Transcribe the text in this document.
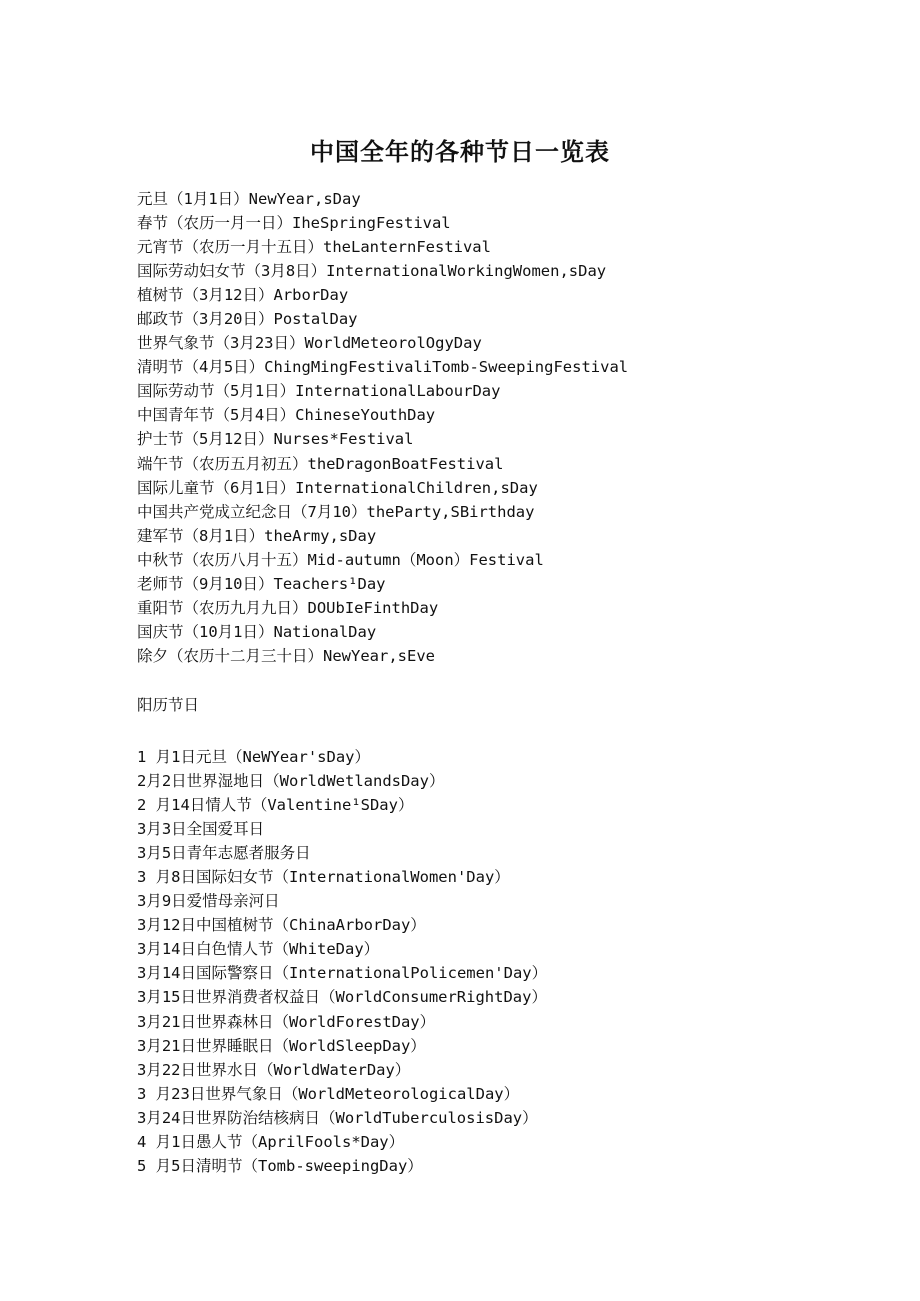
中国全年的各种节日一览表
元旦（1月1日）NewYear,sDay
春节（农历一月一日）IheSpringFestival
元宵节（农历一月十五日）theLanternFestival
国际劳动妇女节（3月8日）InternationalWorkingWomen,sDay
植树节（3月12日）ArborDay
邮政节（3月20日）PostalDay
世界气象节（3月23日）WorldMeteorolOgyDay
清明节（4月5日）ChingMingFestivaliTomb-SweepingFestival
国际劳动节（5月1日）InternationalLabourDay
中国青年节（5月4日）ChineseYouthDay
护士节（5月12日）Nurses*Festival
端午节（农历五月初五）theDragonBoatFestival
国际儿童节（6月1日）InternationalChildren,sDay
中国共产党成立纪念日（7月10）theParty,SBirthday
建军节（8月1日）theArmy,sDay
中秋节（农历八月十五）Mid-autumn（Moon）Festival
老师节（9月10日）Teachers¹Day
重阳节（农历九月九日）DOUbIeFinthDay
国庆节（10月1日）NationalDay
除夕（农历十二月三十日）NewYear,sEve
阳历节日
1 月1日元旦（NeWYear'sDay）
2月2日世界湿地日（WorldWetlandsDay）
2 月14日情人节（Valentine¹SDay）
3月3日全国爱耳日
3月5日青年志愿者服务日
3 月8日国际妇女节（InternationalWomen'Day）
3月9日爱惜母亲河日
3月12日中国植树节（ChinaArborDay）
3月14日白色情人节（WhiteDay）
3月14日国际警察日（InternationalPolicemen'Day）
3月15日世界消费者权益日（WorldConsumerRightDay）
3月21日世界森林日（WorldForestDay）
3月21日世界睡眠日（WorldSleepDay）
3月22日世界水日（WorldWaterDay）
3 月23日世界气象日（WorldMeteorologicalDay）
3月24日世界防治结核病日（WorldTuberculosisDay）
4 月1日愚人节（AprilFools*Day）
5 月5日清明节（Tomb-sweepingDay）
